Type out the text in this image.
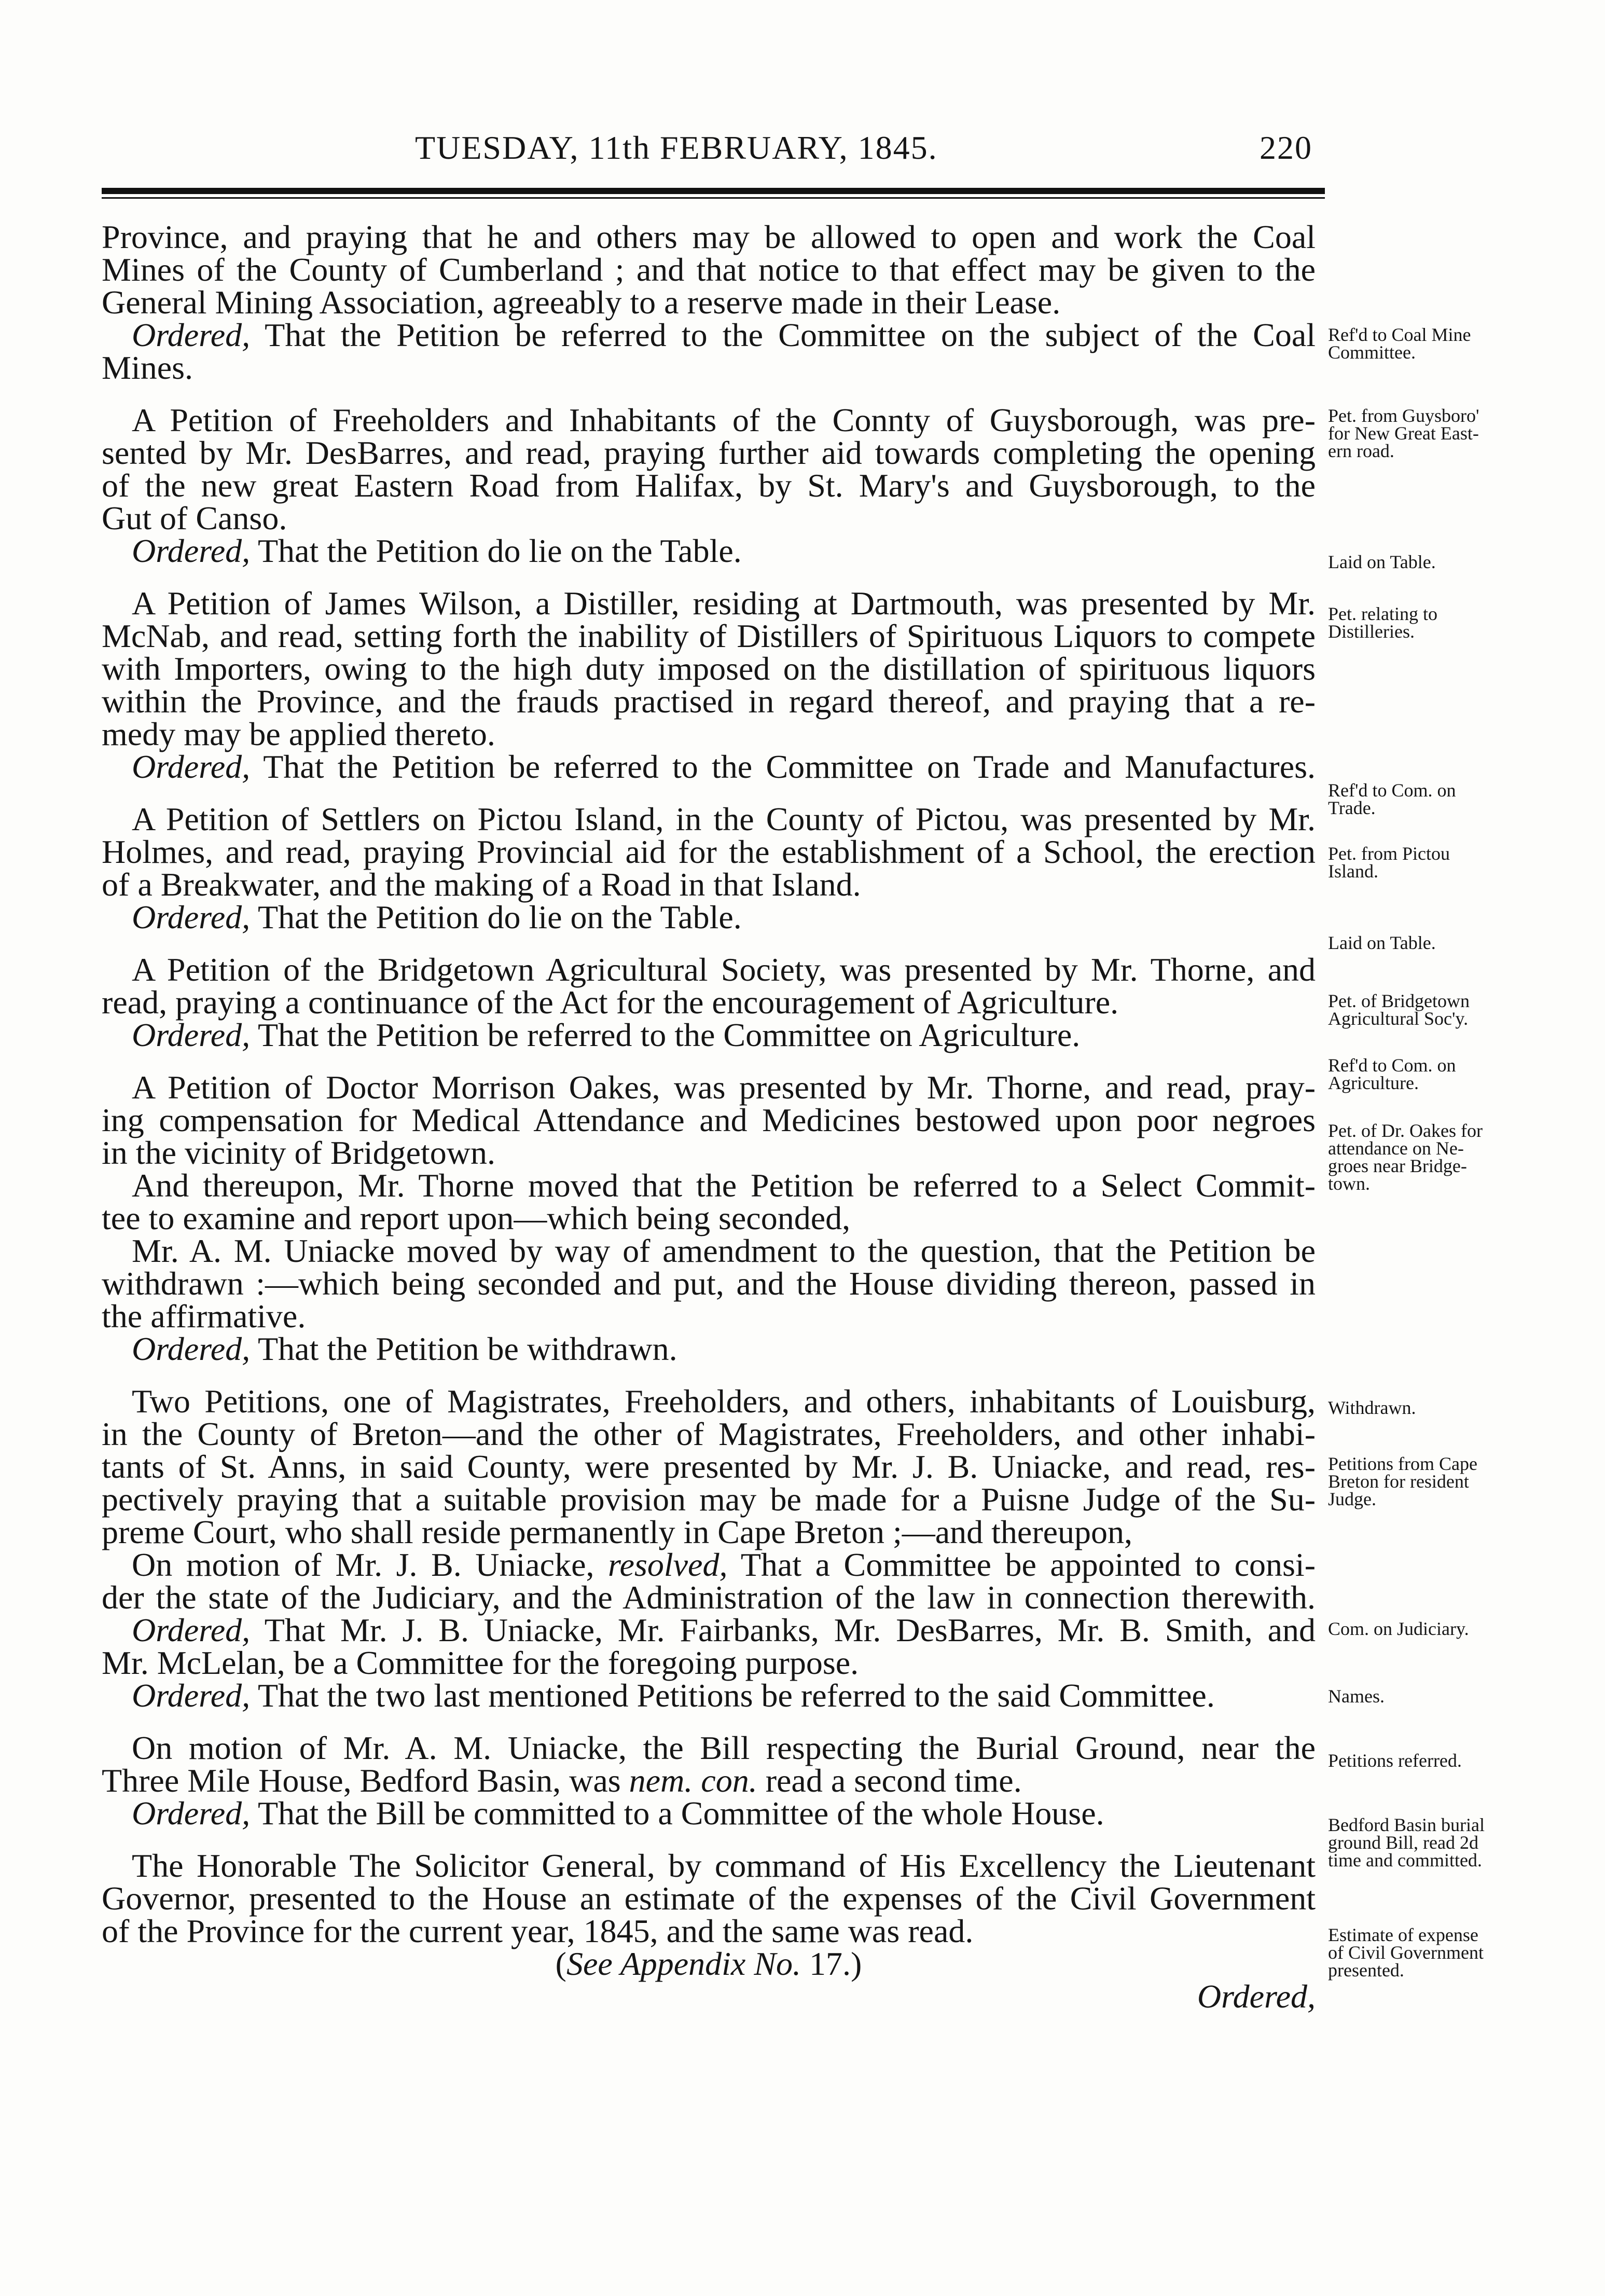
TUESDAY, 11th FEBRUARY, 1845.	220
Province, and praying that he and others may be allowed to open and work the Coal
Mines of the County of Cumberland ; and that notice to that effect may be given to the
General Mining Association, agreeably to a reserve made in their Lease.
Ordered, That the Petition be referred to the Committee on the subject of the Coal
Mines.
A Petition of Freeholders and Inhabitants of the Connty of Guysborough, was pre-
sented by Mr. DesBarres, and read, praying further aid towards completing the opening
of the new great Eastern Road from Halifax, by St. Mary's and Guysborough, to the
Gut of Canso.
Ordered, That the Petition do lie on the Table.
A Petition of James Wilson, a Distiller, residing at Dartmouth, was presented by Mr.
McNab, and read, setting forth the inability of Distillers of Spirituous Liquors to compete
with Importers, owing to the high duty imposed on the distillation of spirituous liquors
within the Province, and the frauds practised in regard thereof, and praying that a re-
medy may be applied thereto.
Ordered, That the Petition be referred to the Committee on Trade and Manufactures.
A Petition of Settlers on Pictou Island, in the County of Pictou, was presented by Mr.
Holmes, and read, praying Provincial aid for the establishment of a School, the erection
of a Breakwater, and the making of a Road in that Island.
Ordered, That the Petition do lie on the Table.
A Petition of the Bridgetown Agricultural Society, was presented by Mr. Thorne, and
read, praying a continuance of the Act for the encouragement of Agriculture.
Ordered, That the Petition be referred to the Committee on Agriculture.
A Petition of Doctor Morrison Oakes, was presented by Mr. Thorne, and read, pray-
ing compensation for Medical Attendance and Medicines bestowed upon poor negroes
in the vicinity of Bridgetown.
And thereupon, Mr. Thorne moved that the Petition be referred to a Select Commit-
tee to examine and report upon—which being seconded,
Mr. A. M. Uniacke moved by way of amendment to the question, that the Petition be
withdrawn :—which being seconded and put, and the House dividing thereon, passed in
the affirmative.
Ordered, That the Petition be withdrawn.
Two Petitions, one of Magistrates, Freeholders, and others, inhabitants of Louisburg,
in the County of Breton—and the other of Magistrates, Freeholders, and other inhabi-
tants of St. Anns, in said County, were presented by Mr. J. B. Uniacke, and read, res-
pectively praying that a suitable provision may be made for a Puisne Judge of the Su-
preme Court, who shall reside permanently in Cape Breton ;—and thereupon,
On motion of Mr. J. B. Uniacke, resolved, That a Committee be appointed to consi-
der the state of the Judiciary, and the Administration of the law in connection therewith.
Ordered, That Mr. J. B. Uniacke, Mr. Fairbanks, Mr. DesBarres, Mr. B. Smith, and
Mr. McLelan, be a Committee for the foregoing purpose.
Ordered, That the two last mentioned Petitions be referred to the said Committee.
On motion of Mr. A. M. Uniacke, the Bill respecting the Burial Ground, near the
Three Mile House, Bedford Basin, was nem. con. read a second time.
Ordered, That the Bill be committed to a Committee of the whole House.
The Honorable The Solicitor General, by command of His Excellency the Lieutenant
Governor, presented to the House an estimate of the expenses of the Civil Government
of the Province for the current year, 1845, and the same was read.
(See Appendix No. 17.)
Ordered,
Ref'd to Coal Mine
Committee.
Pet. from Guysboro'
for New Great East-
ern road.
Laid on Table.
Pet. relating to
Distilleries.
Ref'd to Com. on
Trade.
Pet. from Pictou
Island.
Laid on Table.
Pet. of Bridgetown
Agricultural Soc'y.
Ref'd to Com. on
Agriculture.
Pet. of Dr. Oakes for
attendance on Ne-
groes near Bridge-
town.
Withdrawn.
Petitions from Cape
Breton for resident
Judge.
Com. on Judiciary.
Names.
Petitions referred.
Bedford Basin burial
ground Bill, read 2d
time and committed.
Estimate of expense
of Civil Government
presented.
